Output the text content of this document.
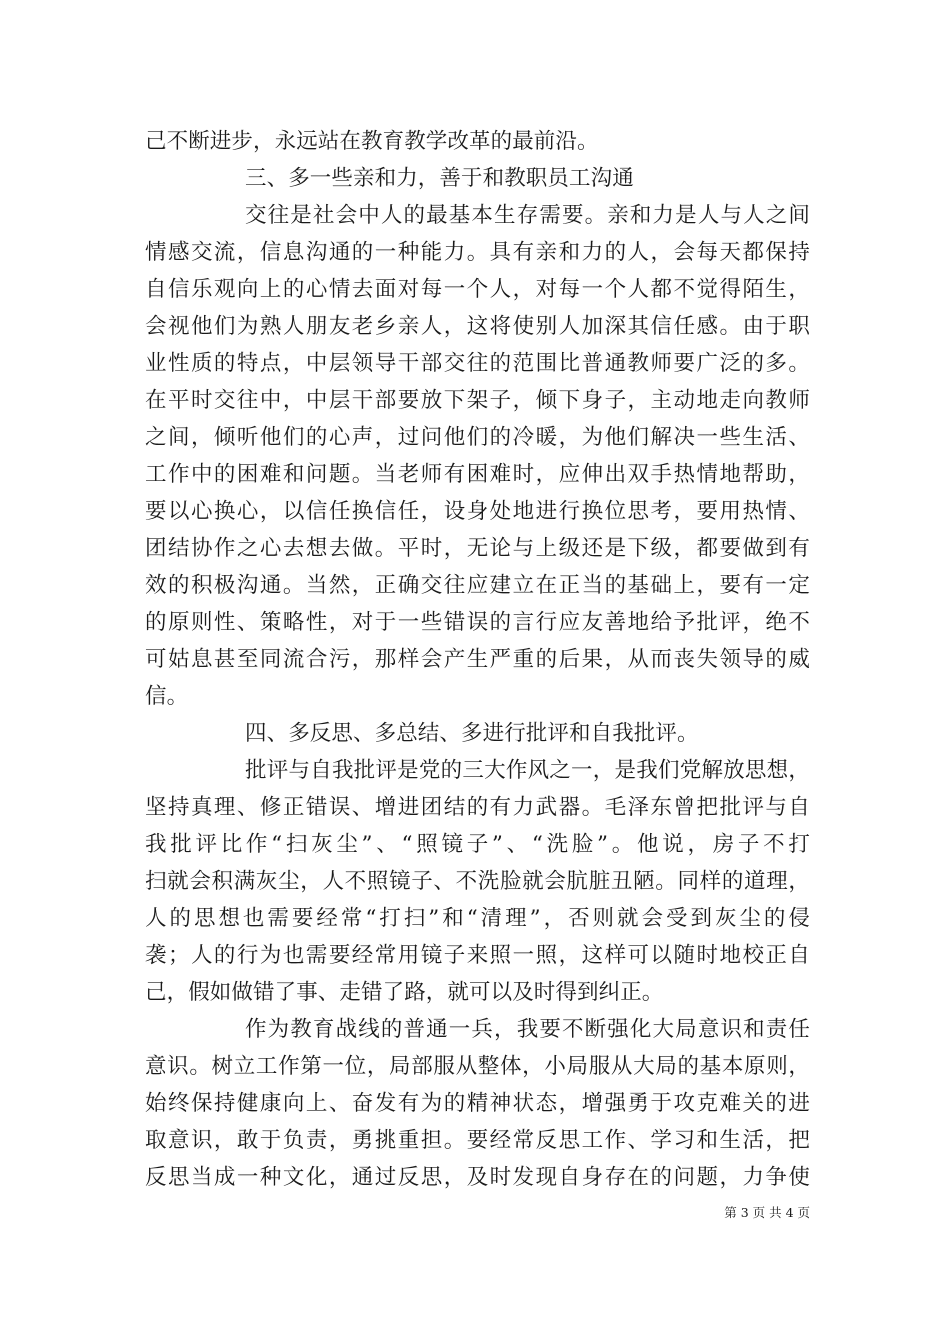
己不断进步，永远站在教育教学改革的最前沿。
三、多一些亲和力，善于和教职员工沟通
交往是社会中人的最基本生存需要。亲和力是人与人之间
情感交流，信息沟通的一种能力。具有亲和力的人，会每天都保持
自信乐观向上的心情去面对每一个人，对每一个人都不觉得陌生，
会视他们为熟人朋友老乡亲人，这将使别人加深其信任感。由于职
业性质的特点，中层领导干部交往的范围比普通教师要广泛的多。
在平时交往中，中层干部要放下架子，倾下身子，主动地走向教师
之间，倾听他们的心声，过问他们的冷暖，为他们解决一些生活、
工作中的困难和问题。当老师有困难时，应伸出双手热情地帮助，
要以心换心，以信任换信任，设身处地进行换位思考，要用热情、
团结协作之心去想去做。平时，无论与上级还是下级，都要做到有
效的积极沟通。当然，正确交往应建立在正当的基础上，要有一定
的原则性、策略性，对于一些错误的言行应友善地给予批评，绝不
可姑息甚至同流合污，那样会产生严重的后果，从而丧失领导的威
信。
四、多反思、多总结、多进行批评和自我批评。
批评与自我批评是党的三大作风之一，是我们党解放思想，
坚持真理、修正错误、增进团结的有力武器。毛泽东曾把批评与自
我批评比作“扫灰尘”、“照镜子”、“洗脸”。他说，房子不打
扫就会积满灰尘，人不照镜子、不洗脸就会肮脏丑陋。同样的道理，
人的思想也需要经常“打扫”和“清理”，否则就会受到灰尘的侵
袭；人的行为也需要经常用镜子来照一照，这样可以随时地校正自
己，假如做错了事、走错了路，就可以及时得到纠正。
作为教育战线的普通一兵，我要不断强化大局意识和责任
意识。树立工作第一位，局部服从整体，小局服从大局的基本原则，
始终保持健康向上、奋发有为的精神状态，增强勇于攻克难关的进
取意识，敢于负责，勇挑重担。要经常反思工作、学习和生活，把
反思当成一种文化，通过反思，及时发现自身存在的问题，力争使
第 3 页 共 4 页
